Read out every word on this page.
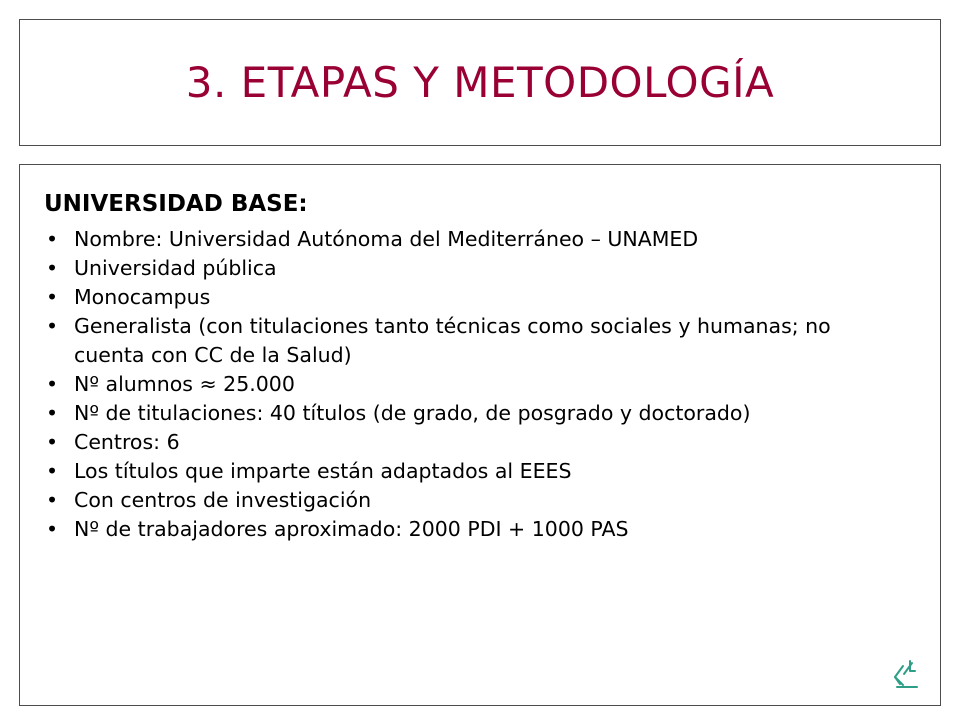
3. ETAPAS Y METODOLOGÍA
UNIVERSIDAD BASE:
• Nombre: Universidad Autónoma del Mediterráneo – UNAMED
• Universidad pública
• Monocampus
• Generalista (con titulaciones tanto técnicas como sociales y humanas; no cuenta con CC de la Salud)
• Nº alumnos ≈ 25.000
• Nº de titulaciones: 40 títulos (de grado, de posgrado y doctorado)
• Centros: 6
• Los títulos que imparte están adaptados al EEES
• Con centros de investigación
• Nº de trabajadores aproximado: 2000 PDI + 1000 PAS
